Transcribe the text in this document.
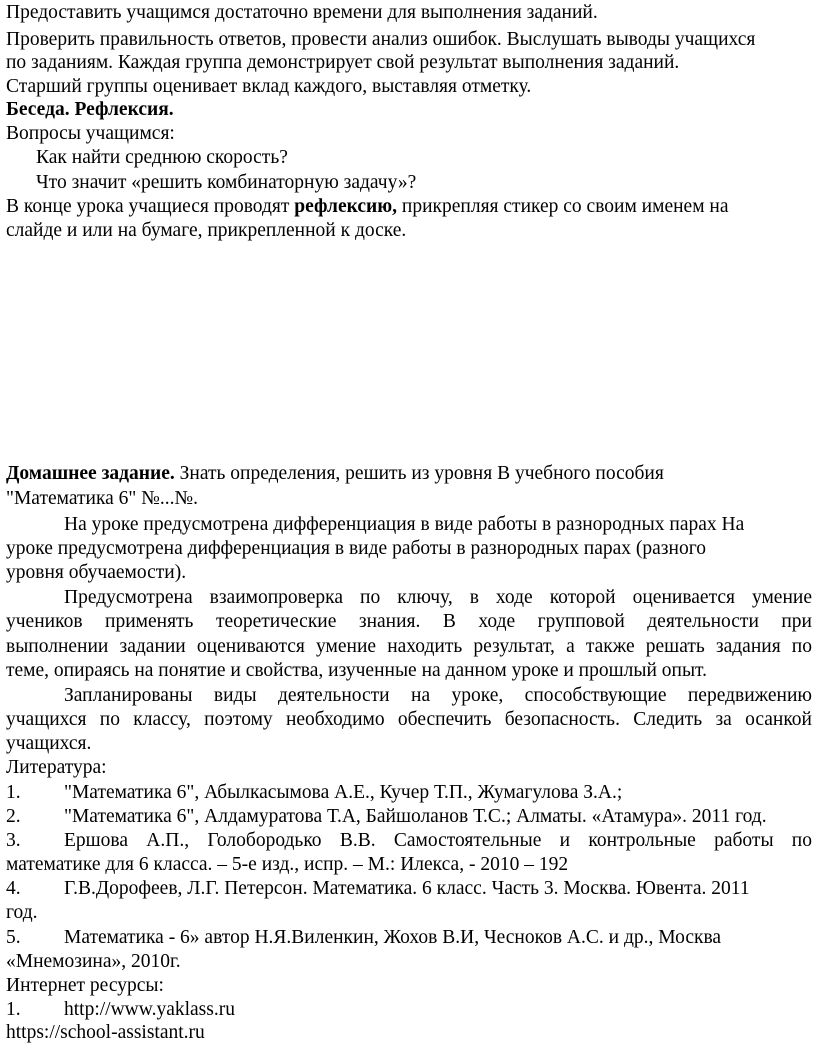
Предоставить учащимся достаточно времени для выполнения заданий.
Проверить правильность ответов, провести анализ ошибок. Выслушать выводы учащихся
по заданиям. Каждая группа демонстрирует свой результат выполнения заданий.
Старший группы оценивает вклад каждого, выставляя отметку.
Беседа. Рефлексия.
Вопросы учащимся:
Как найти среднюю скорость?
Что значит «решить комбинаторную задачу»?
В конце урока учащиеся проводят рефлексию, прикрепляя стикер со своим именем на
слайде и или на бумаге, прикрепленной к доске.
Домашнее задание. Знать определения, решить из уровня В учебного пособия
"Математика 6" №...№.
На уроке предусмотрена дифференциация в виде работы в разнородных парах На
уроке предусмотрена дифференциация в виде работы в разнородных парах (разного
уровня обучаемости).
Предусмотрена взаимопроверка по ключу, в ходе которой оценивается умение
учеников применять теоретические знания. В ходе групповой деятельности при
выполнении задании оцениваются умение находить результат, а также решать задания по
теме, опираясь на понятие и свойства, изученные на данном уроке и прошлый опыт.
Запланированы виды деятельности на уроке, способствующие передвижению
учащихся по классу, поэтому необходимо обеспечить безопасность. Следить за осанкой
учащихся.
Литература:
1. "Математика 6", Абылкасымова А.Е., Кучер Т.П., Жумагулова З.А.;
2. "Математика 6", Алдамуратова Т.А, Байшоланов Т.С.; Алматы. «Атамура». 2011 год.
3. Ершова А.П., Голобородько В.В. Самостоятельные и контрольные работы по
математике для 6 класса. – 5-е изд., испр. – М.: Илекса, - 2010 – 192
4. Г.В.Дорофеев, Л.Г. Петерсон. Математика. 6 класс. Часть 3. Москва. Ювента. 2011
год.
5. Математика - 6» автор Н.Я.Виленкин, Жохов В.И, Чесноков А.С. и др., Москва
«Мнемозина», 2010г.
Интернет ресурсы:
1. http://www.yaklass.ru
https://school-assistant.ru
